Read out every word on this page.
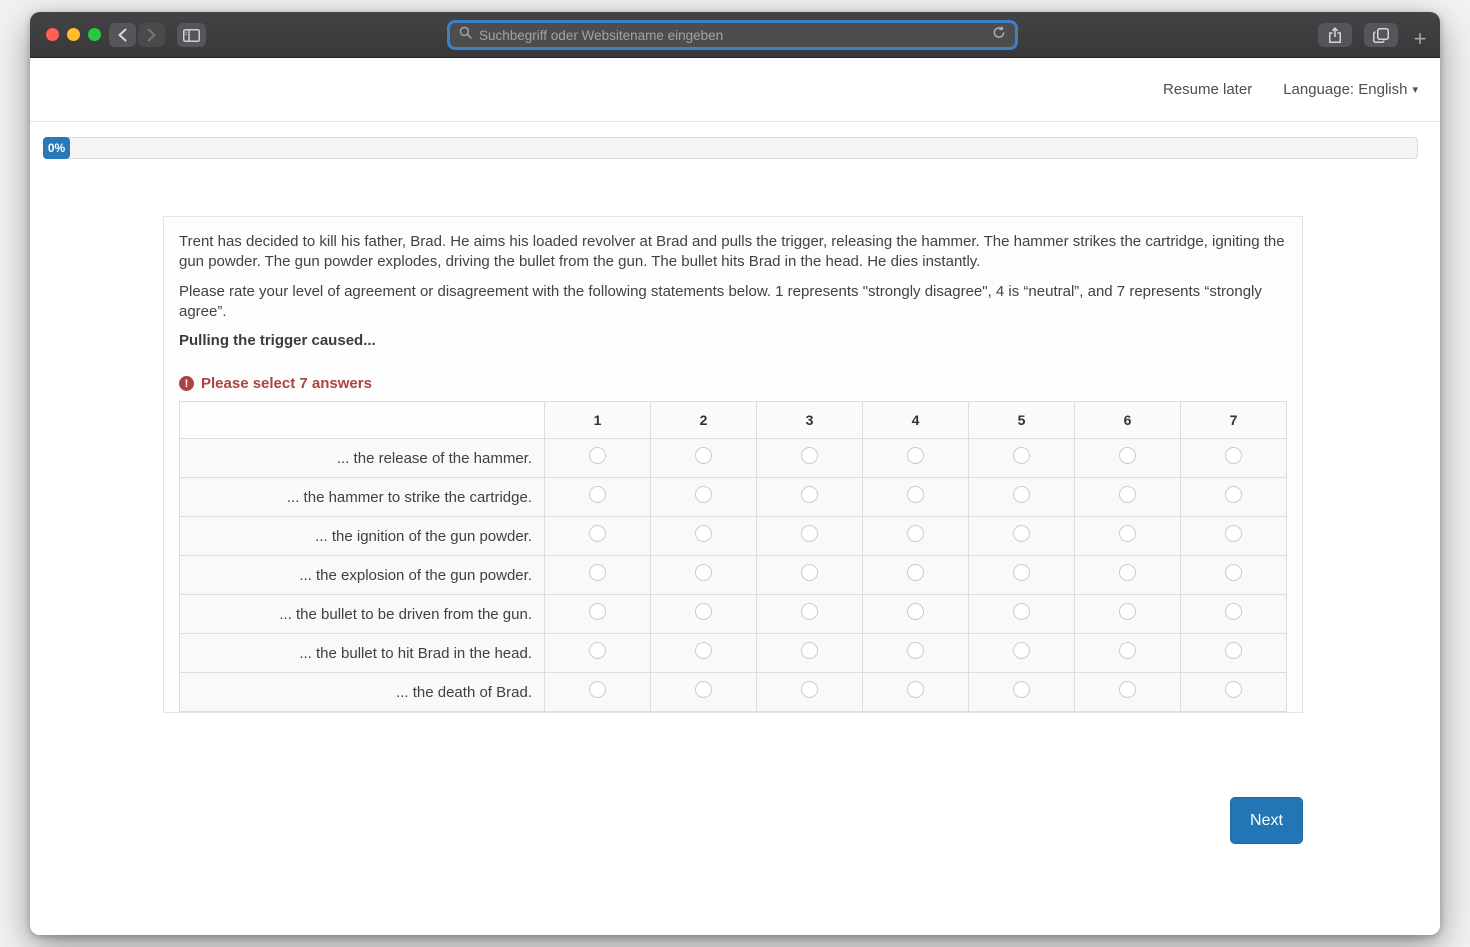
Suchbegriff oder Websitename eingeben	+
Resume later Language: English ▾
0%

Trent has decided to kill his father, Brad. He aims his loaded revolver at Brad and pulls the trigger, releasing the hammer. The hammer strikes the cartridge, igniting the gun powder. The gun powder explodes, driving the bullet from the gun. The bullet hits Brad in the head. He dies instantly.

Please rate your level of agreement or disagreement with the following statements below. 1 represents "strongly disagree", 4 is “neutral”, and 7 represents “strongly agree”.

Pulling the trigger caused...
! Please select 7 answers
	1	2	3	4	5	6	7
... the release of the hammer.							
... the hammer to strike the cartridge.							
... the ignition of the gun powder.							
... the explosion of the gun powder.							
... the bullet to be driven from the gun.							
... the bullet to hit Brad in the head.							
... the death of Brad.							
Next
